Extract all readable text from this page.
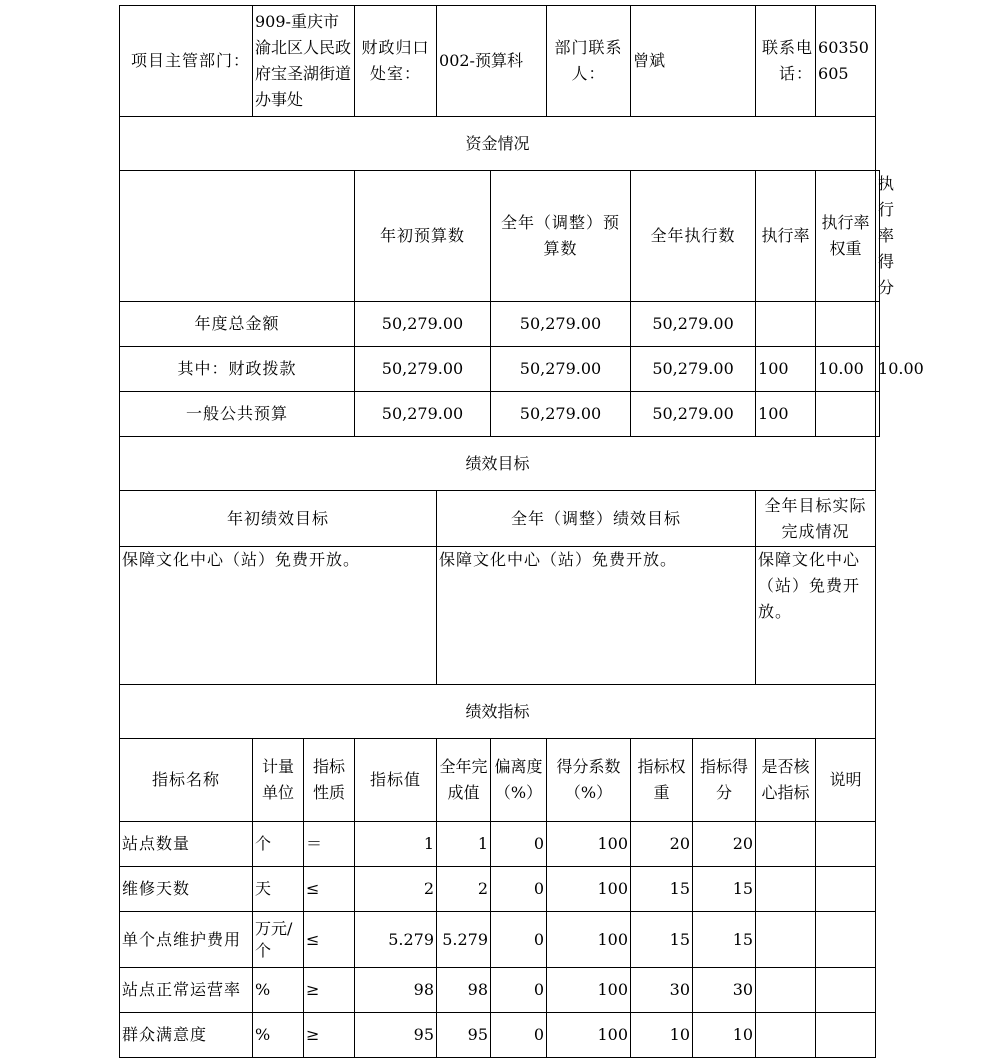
项目主管部门：	909-重庆市渝北区人民政府宝圣湖街道办事处		财政归口处室：	002-预算科		部门联系人：	曾斌		联系电话：	60350605	
资金情况											
			年初预算数		全年（调整）预算数		全年执行数		执行率	执行率权重	执行率得分
年度总金额			50,279.00		50,279.00		50,279.00				
其中：财政拨款			50,279.00		50,279.00		50,279.00		100	10.00	10.00
一般公共预算			50,279.00		50,279.00		50,279.00		100		
绩效目标											
年初绩效目标				全年（调整）绩效目标					全年目标实际完成情况		
保障文化中心（站）免费开放。				保障文化中心（站）免费开放。					保障文化中心（站）免费开放。		
绩效指标											
指标名称	计量单位	指标性质	指标值	全年完成值	偏离度（%）	得分系数（%）	指标权重	指标得分	是否核心指标	说明	
站点数量	个	＝	1	1	0	100	20	20			
维修天数	天	≤	2	2	0	100	15	15			
单个点维护费用	万元/个	≤	5.279	5.279	0	100	15	15			
站点正常运营率	%	≥	98	98	0	100	30	30			
群众满意度	%	≥	95	95	0	100	10	10			
